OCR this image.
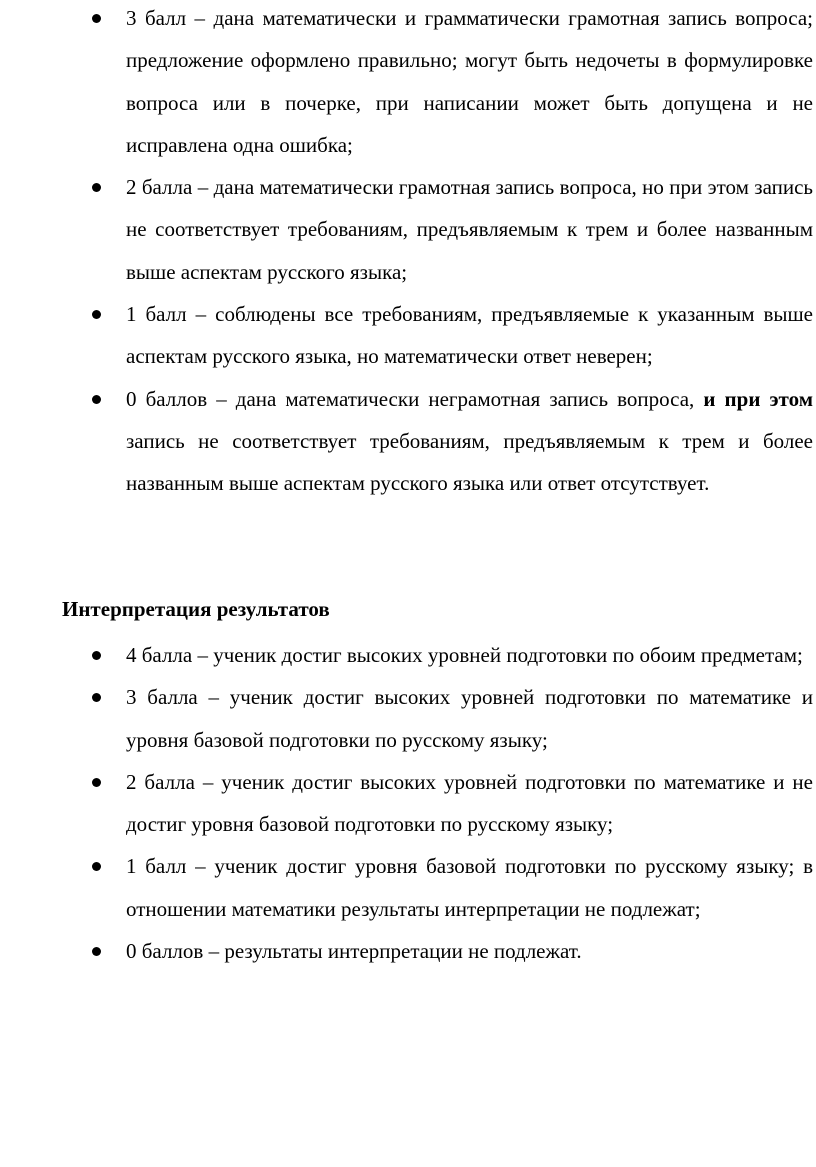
3 балл – дана математически и грамматически грамотная запись вопроса; предложение оформлено правильно; могут быть недочеты в формулировке вопроса или в почерке, при написании может быть допущена и не исправлена одна ошибка;
2 балла – дана математически грамотная запись вопроса, но при этом запись не соответствует требованиям, предъявляемым к трем и более названным выше аспектам русского языка;
1 балл – соблюдены все требованиям, предъявляемые к указанным выше аспектам русского языка, но математически ответ неверен;
0 баллов – дана математически неграмотная запись вопроса, и при этом запись не соответствует требованиям, предъявляемым к трем и более названным выше аспектам русского языка или ответ отсутствует.
Интерпретация результатов
4 балла – ученик достиг высоких уровней подготовки по обоим предметам;
3 балла – ученик достиг высоких уровней подготовки по математике и уровня базовой подготовки по русскому языку;
2 балла – ученик достиг высоких уровней подготовки по математике и не достиг уровня базовой подготовки по русскому языку;
1 балл – ученик достиг уровня базовой подготовки по русскому языку; в отношении математики результаты интерпретации не подлежат;
0 баллов – результаты интерпретации не подлежат.
